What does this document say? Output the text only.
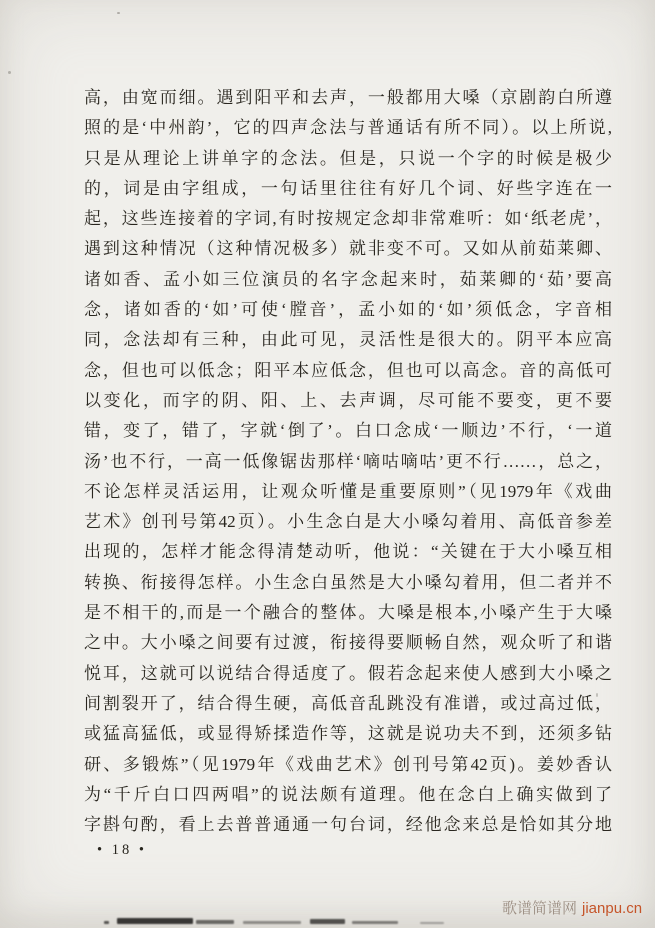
高，由宽而细。遇到阳平和去声，一般都用大嗓（京剧韵白所遵
照的是‘中州韵’，它的四声念法与普通话有所不同）。以上所说,
只是从理论上讲单字的念法。但是，只说一个字的时候是极少
的，词是由字组成，一句话里往往有好几个词、好些字连在一
起，这些连接着的字词,有时按规定念却非常难听：如‘纸老虎’，
遇到这种情况（这种情况极多）就非变不可。又如从前茹莱卿、
诸如香、孟小如三位演员的名字念起来时，茹莱卿的‘茹’要高
念，诸如香的‘如’可使‘膛音’，孟小如的‘如’须低念，字音相
同，念法却有三种，由此可见，灵活性是很大的。阴平本应高
念，但也可以低念；阳平本应低念，但也可以高念。音的高低可
以变化，而字的阴、阳、上、去声调，尽可能不要变，更不要
错，变了，错了，字就‘倒了’。白口念成‘一顺边’不行，‘一道
汤’也不行，一高一低像锯齿那样‘嘀咕嘀咕’更不行……，总之，
不论怎样灵活运用，让观众听懂是重要原则”（见1979年《戏曲
艺术》创刊号第42页）。小生念白是大小嗓勾着用、高低音参差
出现的，怎样才能念得清楚动听，他说：“关键在于大小嗓互相
转换、衔接得怎样。小生念白虽然是大小嗓勾着用，但二者并不
是不相干的,而是一个融合的整体。大嗓是根本,小嗓产生于大嗓
之中。大小嗓之间要有过渡，衔接得要顺畅自然，观众听了和谐
悦耳，这就可以说结合得适度了。假若念起来使人感到大小嗓之
间割裂开了，结合得生硬，高低音乱跳没有准谱，或过高过低，
或猛高猛低，或显得矫揉造作等，这就是说功夫不到，还须多钻
研、多锻炼”（见1979年《戏曲艺术》创刊号第42页)。姜妙香认
为“千斤白口四两唱”的说法颇有道理。他在念白上确实做到了
字斟句酌，看上去普普通通一句台词，经他念来总是恰如其分地
• 18 •
歌谱简谱网 jianpu.cn
